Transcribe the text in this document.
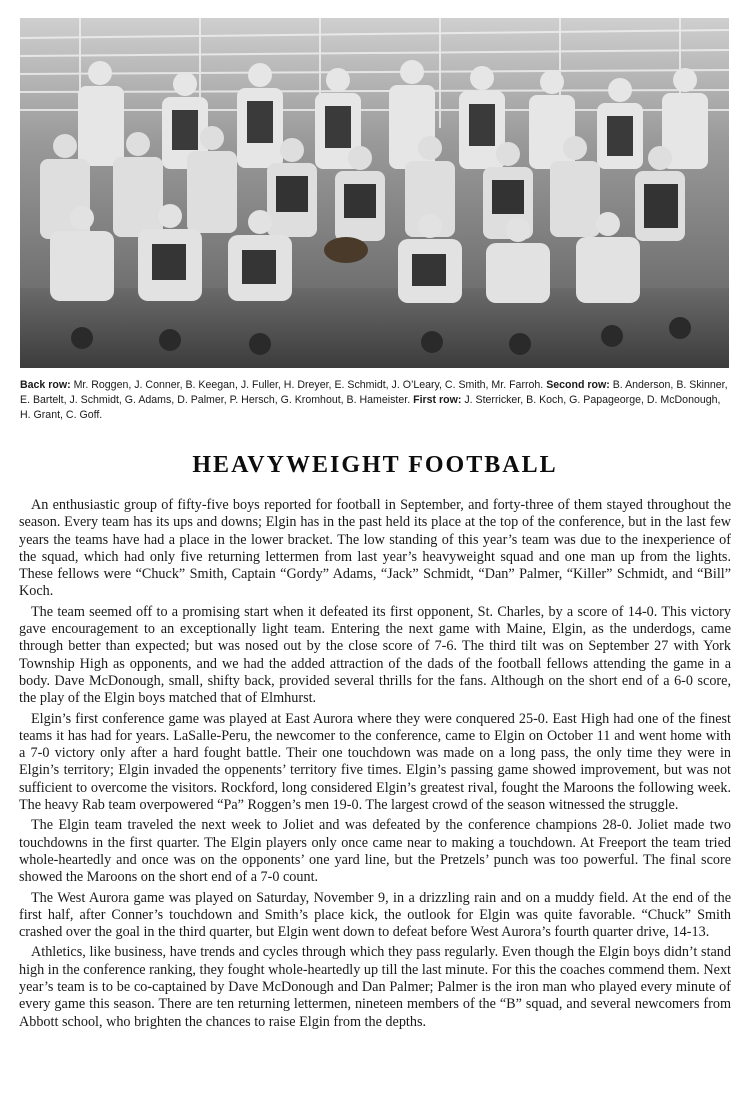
Back row: Mr. Roggen, J. Conner, B. Keegan, J. Fuller, H. Dreyer, E. Schmidt, J. O’Leary, C. Smith, Mr. Farroh. Second row: B. Anderson, B. Skinner, E. Bartelt, J. Schmidt, G. Adams, D. Palmer, P. Hersch, G. Kromhout, B. Hameister. First row: J. Sterricker, B. Koch, G. Papageorge, D. McDonough, H. Grant, C. Goff.
HEAVYWEIGHT FOOTBALL

An enthusiastic group of fifty-five boys reported for football in September, and forty-three of them stayed throughout the season. Every team has its ups and downs; Elgin has in the past held its place at the top of the conference, but in the last few years the teams have had a place in the lower bracket. The low standing of this year’s team was due to the inexperience of the squad, which had only five returning lettermen from last year’s heavyweight squad and one man up from the lights. These fellows were “Chuck” Smith, Captain “Gordy” Adams, “Jack” Schmidt, “Dan” Palmer, “Killer” Schmidt, and “Bill” Koch.

The team seemed off to a promising start when it defeated its first opponent, St. Charles, by a score of 14-0. This victory gave encouragement to an exceptionally light team. Entering the next game with Maine, Elgin, as the underdogs, came through better than expected; but was nosed out by the close score of 7-6. The third tilt was on September 27 with York Township High as opponents, and we had the added attraction of the dads of the football fellows attending the game in a body. Dave McDonough, small, shifty back, provided several thrills for the fans. Although on the short end of a 6-0 score, the play of the Elgin boys matched that of Elmhurst.

Elgin’s first conference game was played at East Aurora where they were conquered 25-0. East High had one of the finest teams it has had for years. LaSalle-Peru, the newcomer to the conference, came to Elgin on October 11 and went home with a 7-0 victory only after a hard fought battle. Their one touchdown was made on a long pass, the only time they were in Elgin’s territory; Elgin invaded the oppenents’ territory five times. Elgin’s passing game showed improvement, but was not sufficient to overcome the visitors. Rockford, long considered Elgin’s greatest rival, fought the Maroons the following week. The heavy Rab team overpowered “Pa” Roggen’s men 19-0. The largest crowd of the season witnessed the struggle.

The Elgin team traveled the next week to Joliet and was defeated by the conference champions 28-0. Joliet made two touchdowns in the first quarter. The Elgin players only once came near to making a touchdown. At Freeport the team tried whole-heartedly and once was on the opponents’ one yard line, but the Pretzels’ punch was too powerful. The final score showed the Maroons on the short end of a 7-0 count.

The West Aurora game was played on Saturday, November 9, in a drizzling rain and on a muddy field. At the end of the first half, after Conner’s touchdown and Smith’s place kick, the outlook for Elgin was quite favorable. “Chuck” Smith crashed over the goal in the third quarter, but Elgin went down to defeat before West Aurora’s fourth quarter drive, 14-13.

Athletics, like business, have trends and cycles through which they pass regularly. Even though the Elgin boys didn’t stand high in the conference ranking, they fought whole-heartedly up till the last minute. For this the coaches commend them. Next year’s team is to be co-captained by Dave McDonough and Dan Palmer; Palmer is the iron man who played every minute of every game this season. There are ten returning lettermen, nineteen members of the “B” squad, and several newcomers from Abbott school, who brighten the chances to raise Elgin from the depths.
